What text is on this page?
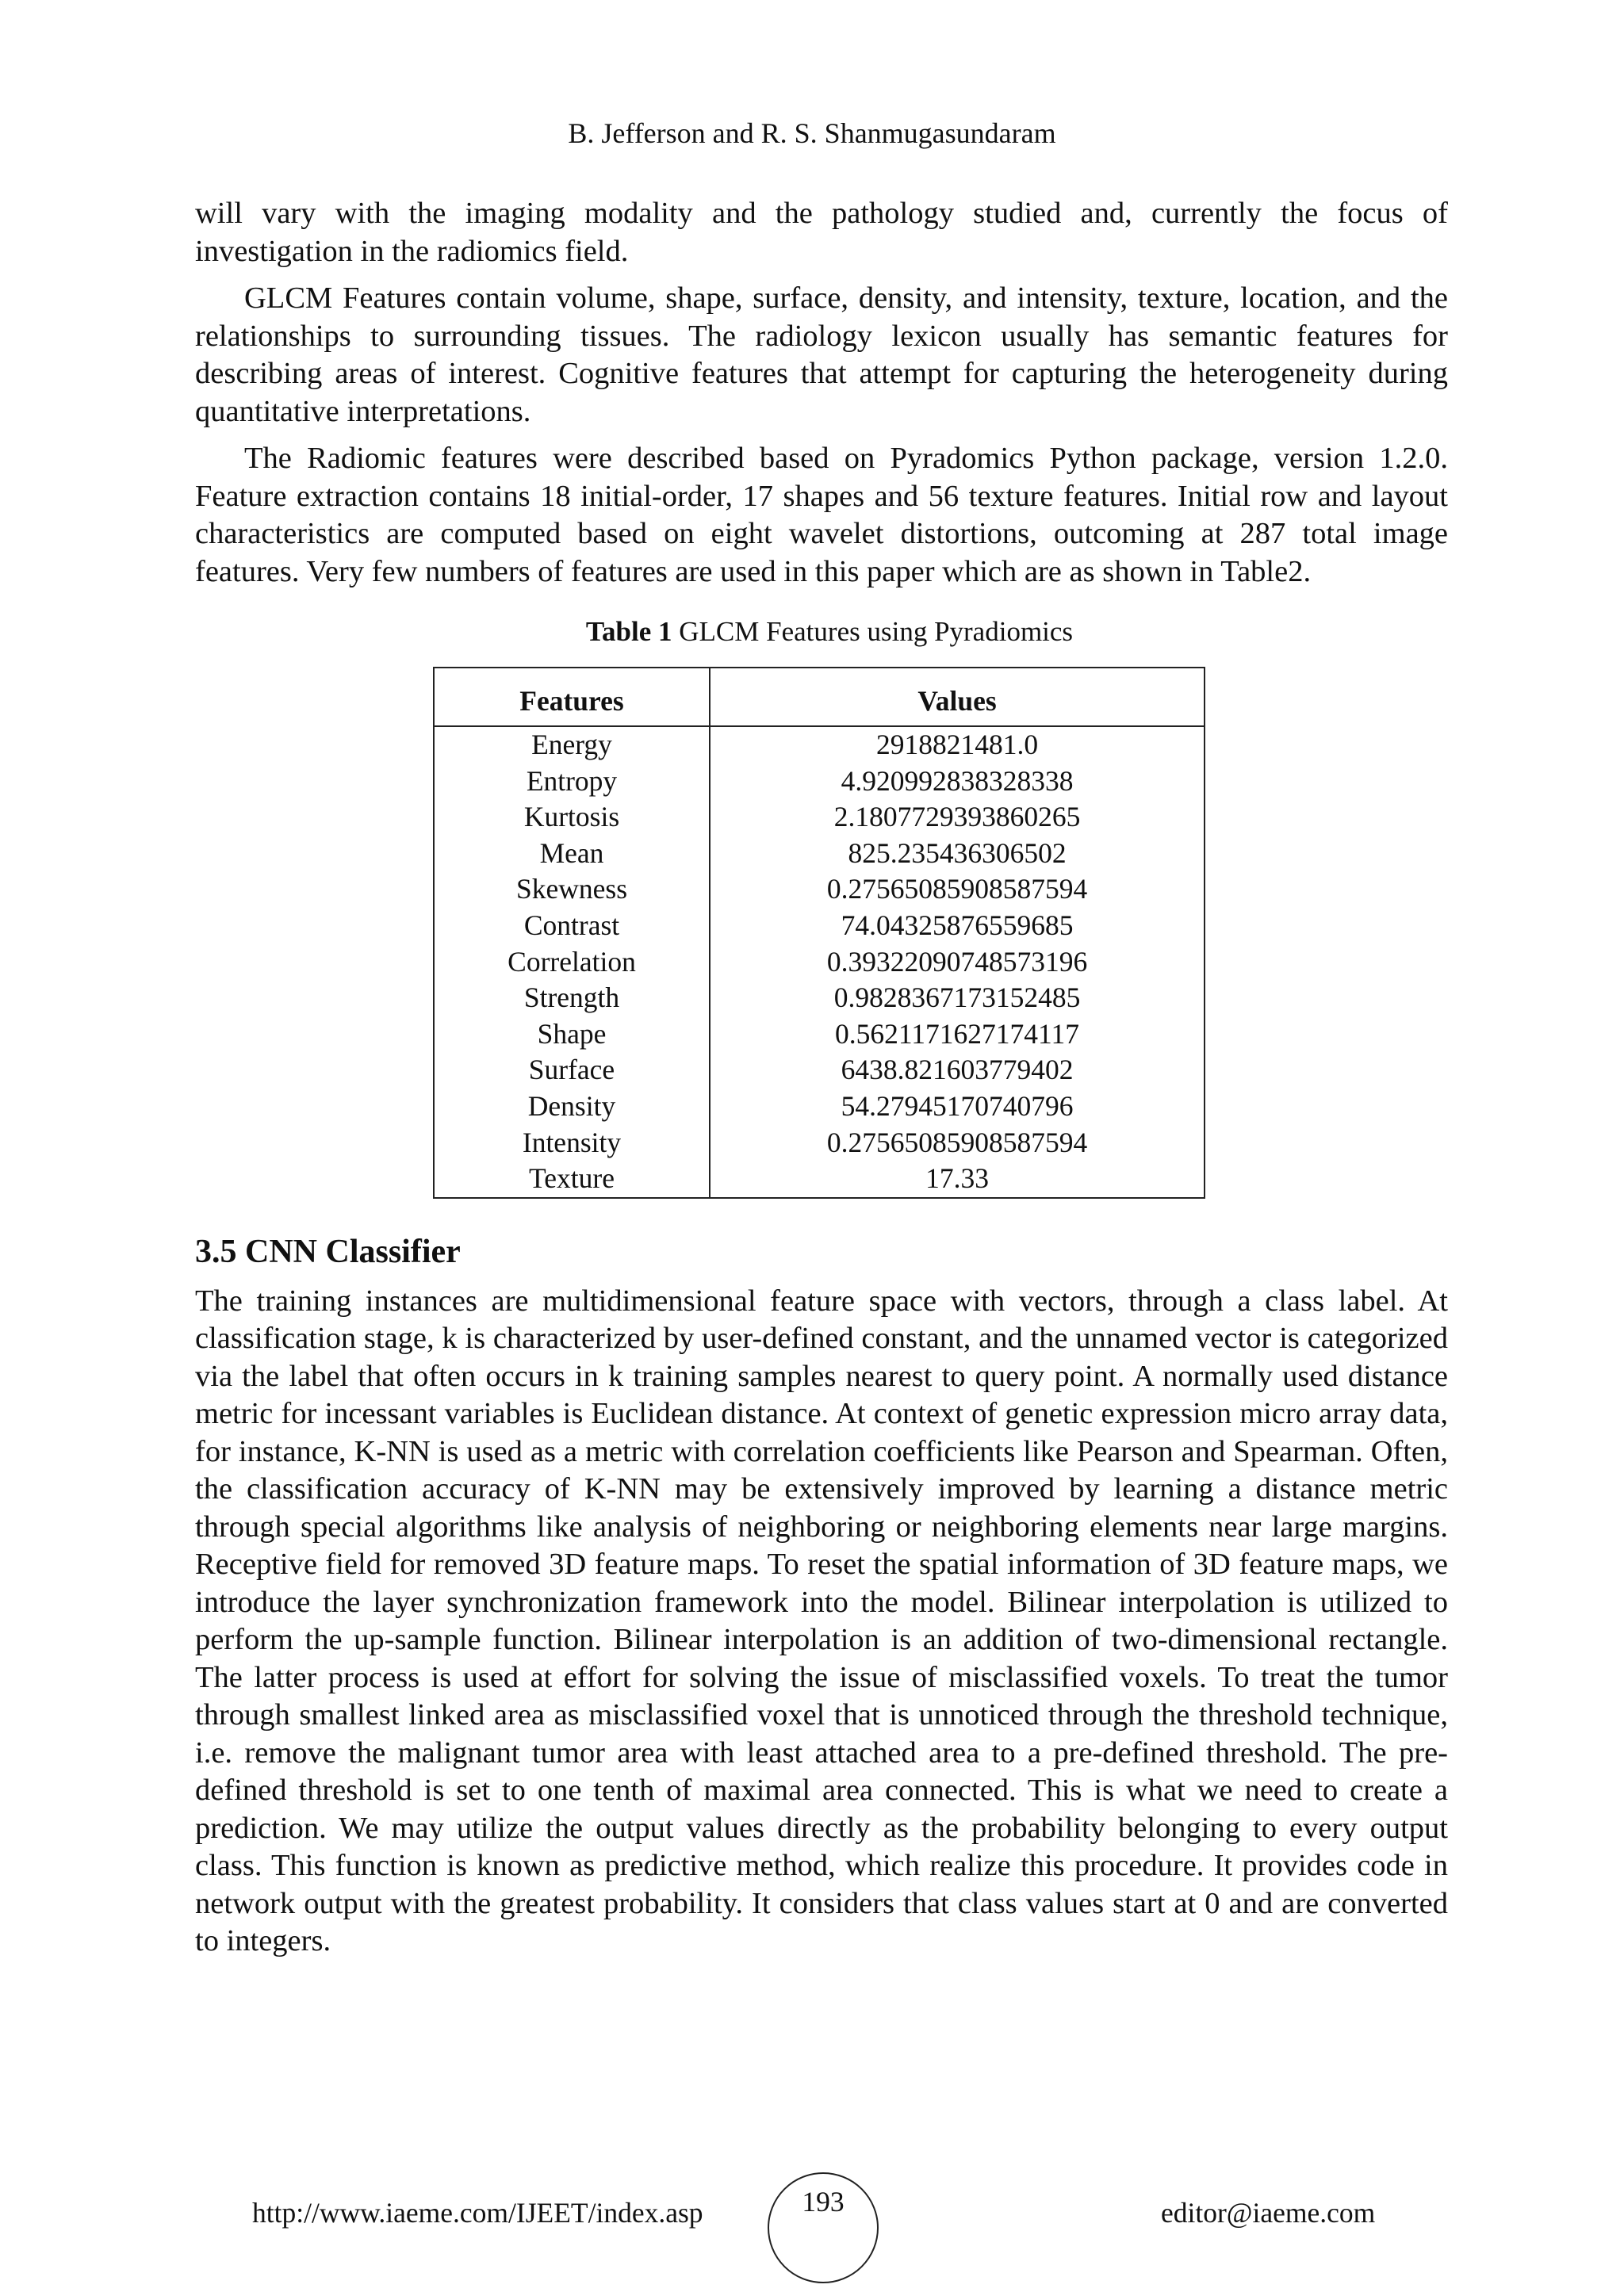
B. Jefferson and R. S. Shanmugasundaram

will vary with the imaging modality and the pathology studied and, currently the focus of investigation in the radiomics field.

GLCM Features contain volume, shape, surface, density, and intensity, texture, location, and the relationships to surrounding tissues. The radiology lexicon usually has semantic features for describing areas of interest. Cognitive features that attempt for capturing the heterogeneity during quantitative interpretations.

The Radiomic features were described based on Pyradomics Python package, version 1.2.0. Feature extraction contains 18 initial-order, 17 shapes and 56 texture features. Initial row and layout characteristics are computed based on eight wavelet distortions, outcoming at 287 total image features. Very few numbers of features are used in this paper which are as shown in Table2.

Table 1 GLCM Features using Pyradiomics
Features	Values
Energy	2918821481.0
Entropy	4.920992838328338
Kurtosis	2.1807729393860265
Mean	825.235436306502
Skewness	0.27565085908587594
Contrast	74.04325876559685
Correlation	0.39322090748573196
Strength	0.9828367173152485
Shape	0.5621171627174117
Surface	6438.821603779402
Density	54.27945170740796
Intensity	0.27565085908587594
Texture	17.33
3.5 CNN Classifier

The training instances are multidimensional feature space with vectors, through a class label. At classification stage, k is characterized by user-defined constant, and the unnamed vector is categorized via the label that often occurs in k training samples nearest to query point. A normally used distance metric for incessant variables is Euclidean distance. At context of genetic expression micro array data, for instance, K-NN is used as a metric with correlation coefficients like Pearson and Spearman. Often, the classification accuracy of K-NN may be extensively improved by learning a distance metric through special algorithms like analysis of neighboring or neighboring elements near large margins. Receptive field for removed 3D feature maps. To reset the spatial information of 3D feature maps, we introduce the layer synchronization framework into the model. Bilinear interpolation is utilized to perform the up-sample function. Bilinear interpolation is an addition of two-dimensional rectangle. The latter process is used at effort for solving the issue of misclassified voxels. To treat the tumor through smallest linked area as misclassified voxel that is unnoticed through the threshold technique, i.e. remove the malignant tumor area with least attached area to a pre-defined threshold. The pre-defined threshold is set to one tenth of maximal area connected. This is what we need to create a prediction. We may utilize the output values directly as the probability belonging to every output class. This function is known as predictive method, which realize this procedure. It provides code in network output with the greatest probability. It considers that class values start at 0 and are converted to integers.

http://www.iaeme.com/IJEET/index.asp	193	editor@iaeme.com
